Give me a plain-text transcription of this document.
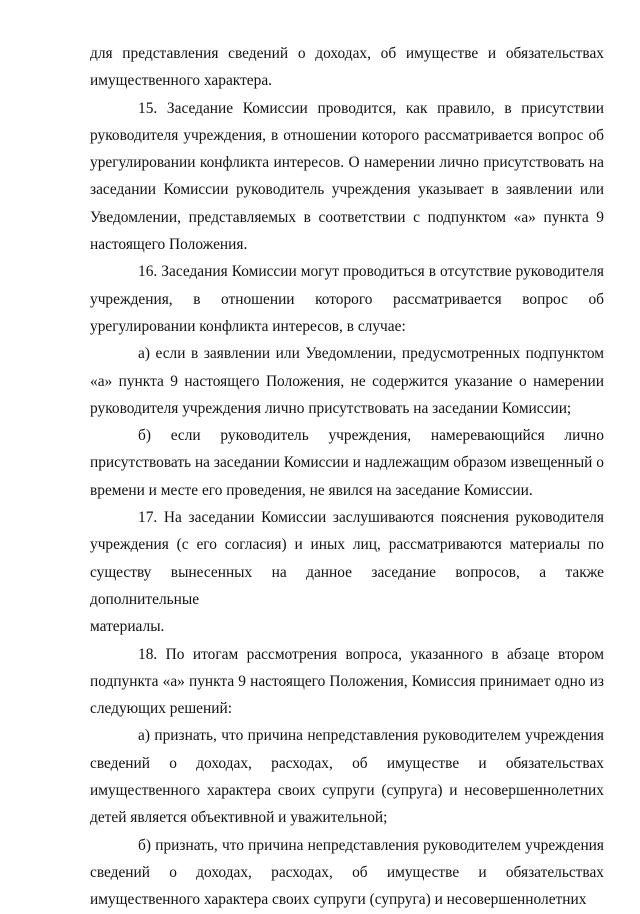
для представления сведений о доходах, об имуществе и обязательствах
имущественного характера.

15. Заседание Комиссии проводится, как правило, в присутствии
руководителя учреждения, в отношении которого рассматривается вопрос об
урегулировании конфликта интересов. О намерении лично присутствовать на
заседании Комиссии руководитель учреждения указывает в заявлении или
Уведомлении, представляемых в соответствии с подпунктом «а» пункта 9
настоящего Положения.

16. Заседания Комиссии могут проводиться в отсутствие руководителя
учреждения, в отношении которого рассматривается вопрос об
урегулировании конфликта интересов, в случае:

а) если в заявлении или Уведомлении, предусмотренных подпунктом
«а» пункта 9 настоящего Положения, не содержится указание о намерении
руководителя учреждения лично присутствовать на заседании Комиссии;

б) если руководитель учреждения, намеревающийся лично
присутствовать на заседании Комиссии и надлежащим образом извещенный о
времени и месте его проведения, не явился на заседание Комиссии.

17. На заседании Комиссии заслушиваются пояснения руководителя
учреждения (с его согласия) и иных лиц, рассматриваются материалы по
существу вынесенных на данное заседание вопросов, а также дополнительные
материалы.

18. По итогам рассмотрения вопроса, указанного в абзаце втором
подпункта «а» пункта 9 настоящего Положения, Комиссия принимает одно из
следующих решений:

а) признать, что причина непредставления руководителем учреждения
сведений о доходах, расходах, об имуществе и обязательствах
имущественного характера своих супруги (супруга) и несовершеннолетних
детей является объективной и уважительной;

б) признать, что причина непредставления руководителем учреждения
сведений о доходах, расходах, об имуществе и обязательствах
имущественного характера своих супруги (супруга) и несовершеннолетних
